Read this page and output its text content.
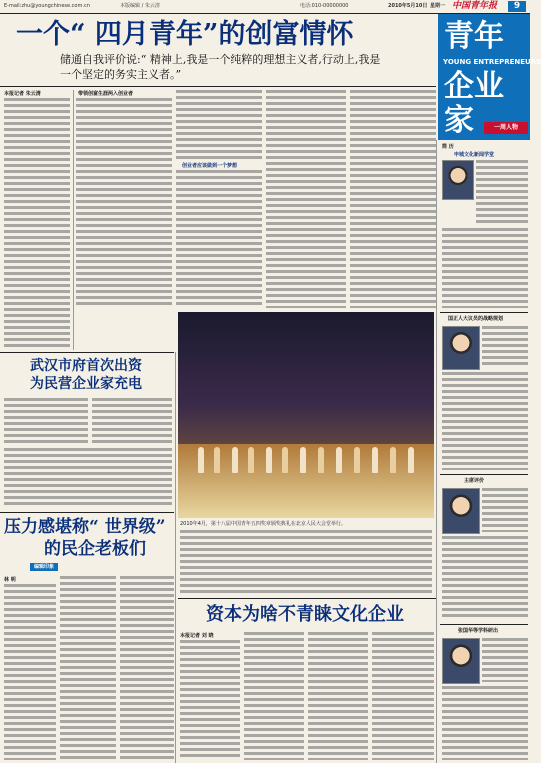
E-mail:zhu@youngchinese.com.cn	本版编辑 / 朱云清	电话:010-00000000	2010年5月10日 星期一 中国青年报	9
一个“ 四月青年”的创富情怀
储通自我评价说:“ 精神上,我是一个纯粹的理想主义者,行动上,我是
一个坚定的务实主义者。”
青年
YOUNG ENTREPRENEURS
企业家	一周人物
本报记者 朱云清	带领创富生涯两入创业者
创业者应该做到一个梦想
简 历
申城文化新闻学堂
国正人大议员的战略规划
主席评价
张国华等学科研出
武汉市府首次出资
为民营企业家充电
压力感堪称“ 世界级”
的民企老板们
编辑印象
林 明
2010年4月，第十八届中国青年五四奖章颁奖典礼在北京人民大会堂举行。
资本为啥不青睐文化企业
本报记者 刘 晓
